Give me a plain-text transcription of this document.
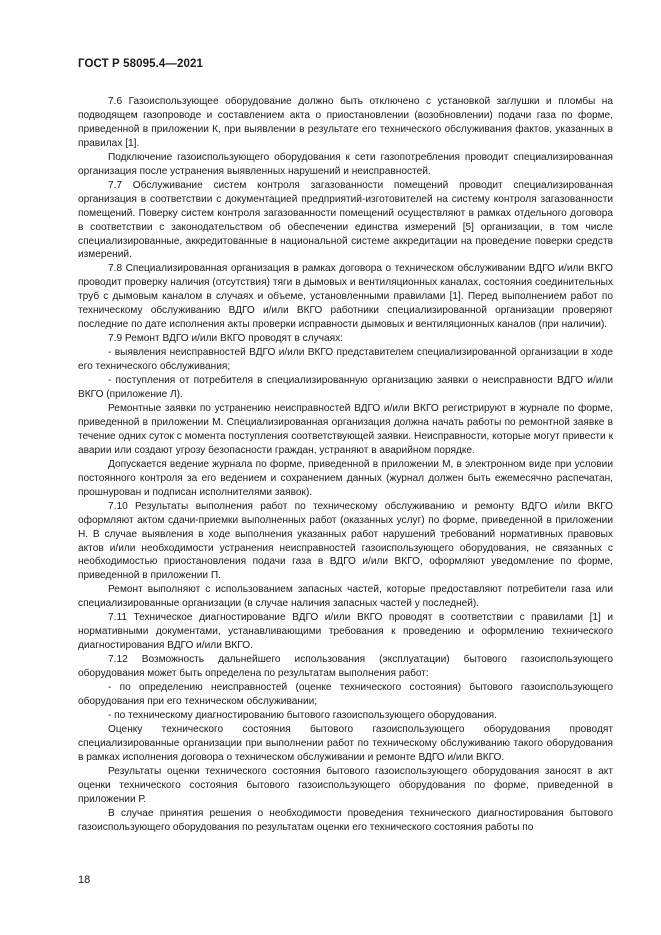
ГОСТ Р 58095.4—2021

7.6 Газоиспользующее оборудование должно быть отключено с установкой заглушки и пломбы на подводящем газопроводе и составлением акта о приостановлении (возобновлении) подачи газа по форме, приведенной в приложении К, при выявлении в результате его технического обслуживания фактов, указанных в правилах [1].

Подключение газоиспользующего оборудования к сети газопотребления проводит специализированная организация после устранения выявленных нарушений и неисправностей.

7.7 Обслуживание систем контроля загазованности помещений проводит специализированная организация в соответствии с документацией предприятий-изготовителей на систему контроля загазованности помещений. Поверку систем контроля загазованности помещений осуществляют в рамках отдельного договора в соответствии с законодательством об обеспечении единства измерений [5] организации, в том числе специализированные, аккредитованные в национальной системе аккредитации на проведение поверки средств измерений.

7.8 Специализированная организация в рамках договора о техническом обслуживании ВДГО и/или ВКГО проводит проверку наличия (отсутствия) тяги в дымовых и вентиляционных каналах, состояния соединительных труб с дымовым каналом в случаях и объеме, установленными правилами [1]. Перед выполнением работ по техническому обслуживанию ВДГО и/или ВКГО работники специализированной организации проверяют последние по дате исполнения акты проверки исправности дымовых и вентиляционных каналов (при наличии).

7.9 Ремонт ВДГО и/или ВКГО проводят в случаях:

- выявления неисправностей ВДГО и/или ВКГО представителем специализированной организации в ходе его технического обслуживания;

- поступления от потребителя в специализированную организацию заявки о неисправности ВДГО и/или ВКГО (приложение Л).

Ремонтные заявки по устранению неисправностей ВДГО и/или ВКГО регистрируют в журнале по форме, приведенной в приложении М. Специализированная организация должна начать работы по ремонтной заявке в течение одних суток с момента поступления соответствующей заявки. Неисправности, которые могут привести к аварии или создают угрозу безопасности граждан, устраняют в аварийном порядке.

Допускается ведение журнала по форме, приведенной в приложении М, в электронном виде при условии постоянного контроля за его ведением и сохранением данных (журнал должен быть ежемесячно распечатан, прошнурован и подписан исполнителями заявок).

7.10 Результаты выполнения работ по техническому обслуживанию и ремонту ВДГО и/или ВКГО оформляют актом сдачи-приемки выполненных работ (оказанных услуг) по форме, приведенной в приложении Н. В случае выявления в ходе выполнения указанных работ нарушений требований нормативных правовых актов и/или необходимости устранения неисправностей газоиспользующего оборудования, не связанных с необходимостью приостановления подачи газа в ВДГО и/или ВКГО, оформляют уведомление по форме, приведенной в приложении П.

Ремонт выполняют с использованием запасных частей, которые предоставляют потребители газа или специализированные организации (в случае наличия запасных частей у последней).

7.11 Техническое диагностирование ВДГО и/или ВКГО проводят в соответствии с правилами [1] и нормативными документами, устанавливающими требования к проведению и оформлению технического диагностирования ВДГО и/или ВКГО.

7.12 Возможность дальнейшего использования (эксплуатации) бытового газоиспользующего оборудования может быть определена по результатам выполнения работ:

- по определению неисправностей (оценке технического состояния) бытового газоиспользующего оборудования при его техническом обслуживании;

- по техническому диагностированию бытового газоиспользующего оборудования.

Оценку технического состояния бытового газоиспользующего оборудования проводят специализированные организации при выполнении работ по техническому обслуживанию такого оборудования в рамках исполнения договора о техническом обслуживании и ремонте ВДГО и/или ВКГО.

Результаты оценки технического состояния бытового газоиспользующего оборудования заносят в акт оценки технического состояния бытового газоиспользующего оборудования по форме, приведенной в приложении Р.

В случае принятия решения о необходимости проведения технического диагностирования бытового газоиспользующего оборудования по результатам оценки его технического состояния работы по

18
